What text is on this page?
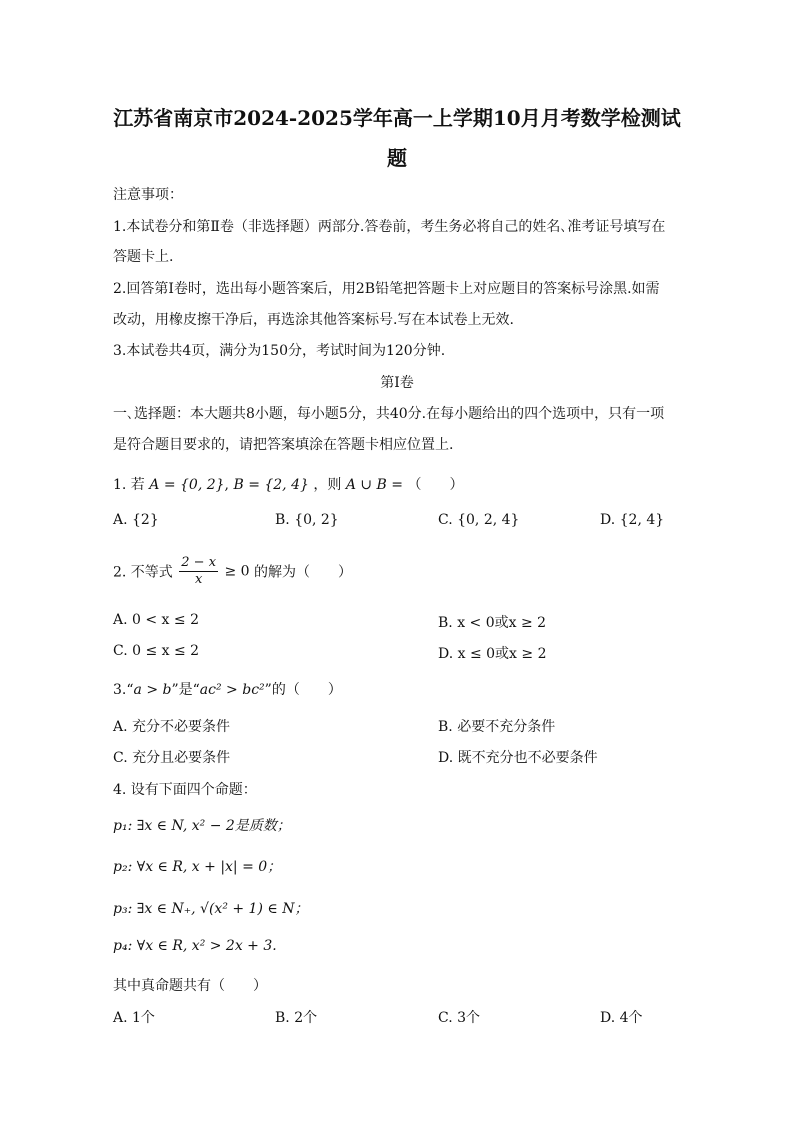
江苏省南京市2024-2025学年高一上学期10月月考数学检测试
题
注意事项：
1.本试卷分和第Ⅱ卷（非选择题）两部分.答卷前，考生务必将自己的姓名､准考证号填写在
答题卡上.
2.回答第Ⅰ卷时，选出每小题答案后，用2B铅笔把答题卡上对应题目的答案标号涂黑.如需
改动，用橡皮擦干净后，再选涂其他答案标号.写在本试卷上无效.
3.本试卷共4页，满分为150分，考试时间为120分钟.
第Ⅰ卷
一､选择题：本大题共8小题，每小题5分，共40分.在每小题给出的四个选项中，只有一项
是符合题目要求的，请把答案填涂在答题卡相应位置上.
1. 若 A = {0, 2}, B = {2, 4} ，则 A ∪ B = （　　）
A. {2}	B. {0, 2}	C. {0, 2, 4}	D. {2, 4}
2. 不等式 $\frac{2 - x}{x} \ge 0$ 的解为（　　）
A. 0 < x ≤ 2	B. x < 0或x ≥ 2
C. 0 ≤ x ≤ 2	D. x ≤ 0或x ≥ 2
3.“a > b”是“ac² > bc²”的（　　）
A. 充分不必要条件	B. 必要不充分条件
C. 充分且必要条件	D. 既不充分也不必要条件
4. 设有下面四个命题：
p₁: ∃x ∈ N, x² − 2是质数；
p₂: ∀x ∈ R, x + |x| = 0；
p₃: ∃x ∈ N₊, √(x² + 1) ∈ N；
p₄: ∀x ∈ R, x² > 2x + 3.
其中真命题共有（　　）
A. 1个	B. 2个	C. 3个	D. 4个
